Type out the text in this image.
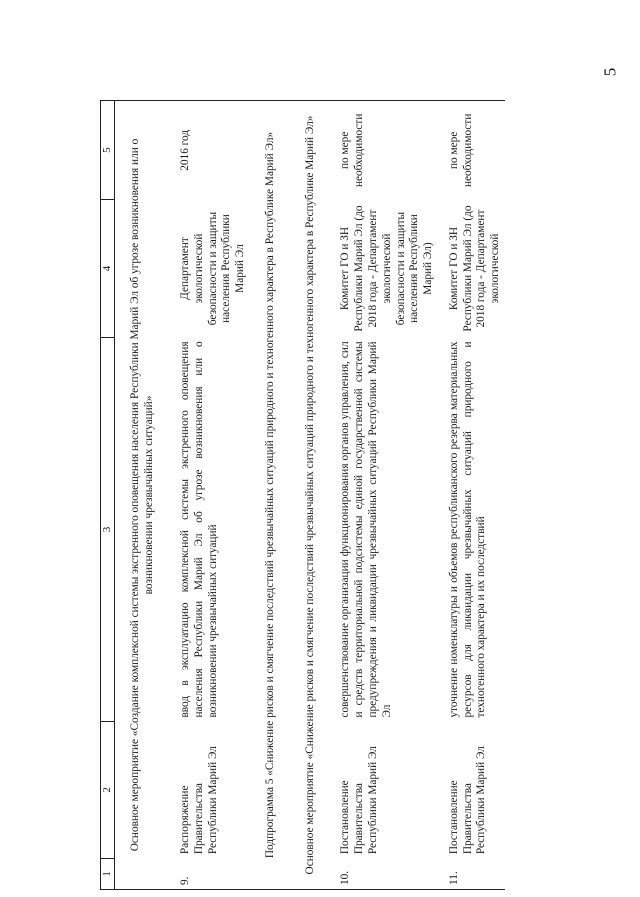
5
1	2	3	4	5
Основное мероприятие «Создание комплексной системы экстренного оповещения населения Республики Марий Эл об угрозе возникновения или о возникновении чрезвычайных ситуаций»				
9.	Распоряжение Правительства Республики Марий Эл	ввод в эксплуатацию комплексной системы экстренного оповещения населения Республики Марий Эл об угрозе возникновения или о возникновении чрезвычайных ситуаций	Департамент экологической безопасности и защиты населения Республики Марий Эл	2016 год
Подпрограмма 5 «Снижение рисков и смягчение последствий чрезвычайных ситуаций природного и техногенного характера в Республике Марий Эл»				
Основное мероприятие «Снижение рисков и смягчение последствий чрезвычайных ситуаций природного и техногенного характера в Республике Марий Эл»				
10.	Постановление Правительства Республики Марий Эл	совершенствование организации функционирования органов управления, сил и средств территориальной подсистемы единой государственной системы предупреждения и ликвидации чрезвычайных ситуаций Республики Марий Эл	Комитет ГО и ЗН Республики Марий Эл (до 2018 года - Департамент экологической безопасности и защиты населения Республики Марий Эл)	по мере необходимости
11.	Постановление Правительства Республики Марий Эл	уточнение номенклатуры и объемов республиканского резерва материальных ресурсов для ликвидации чрезвычайных ситуаций природного и техногенного характера и их последствий	Комитет ГО и ЗН Республики Марий Эл (до 2018 года - Департамент экологической	по мере необходимости
